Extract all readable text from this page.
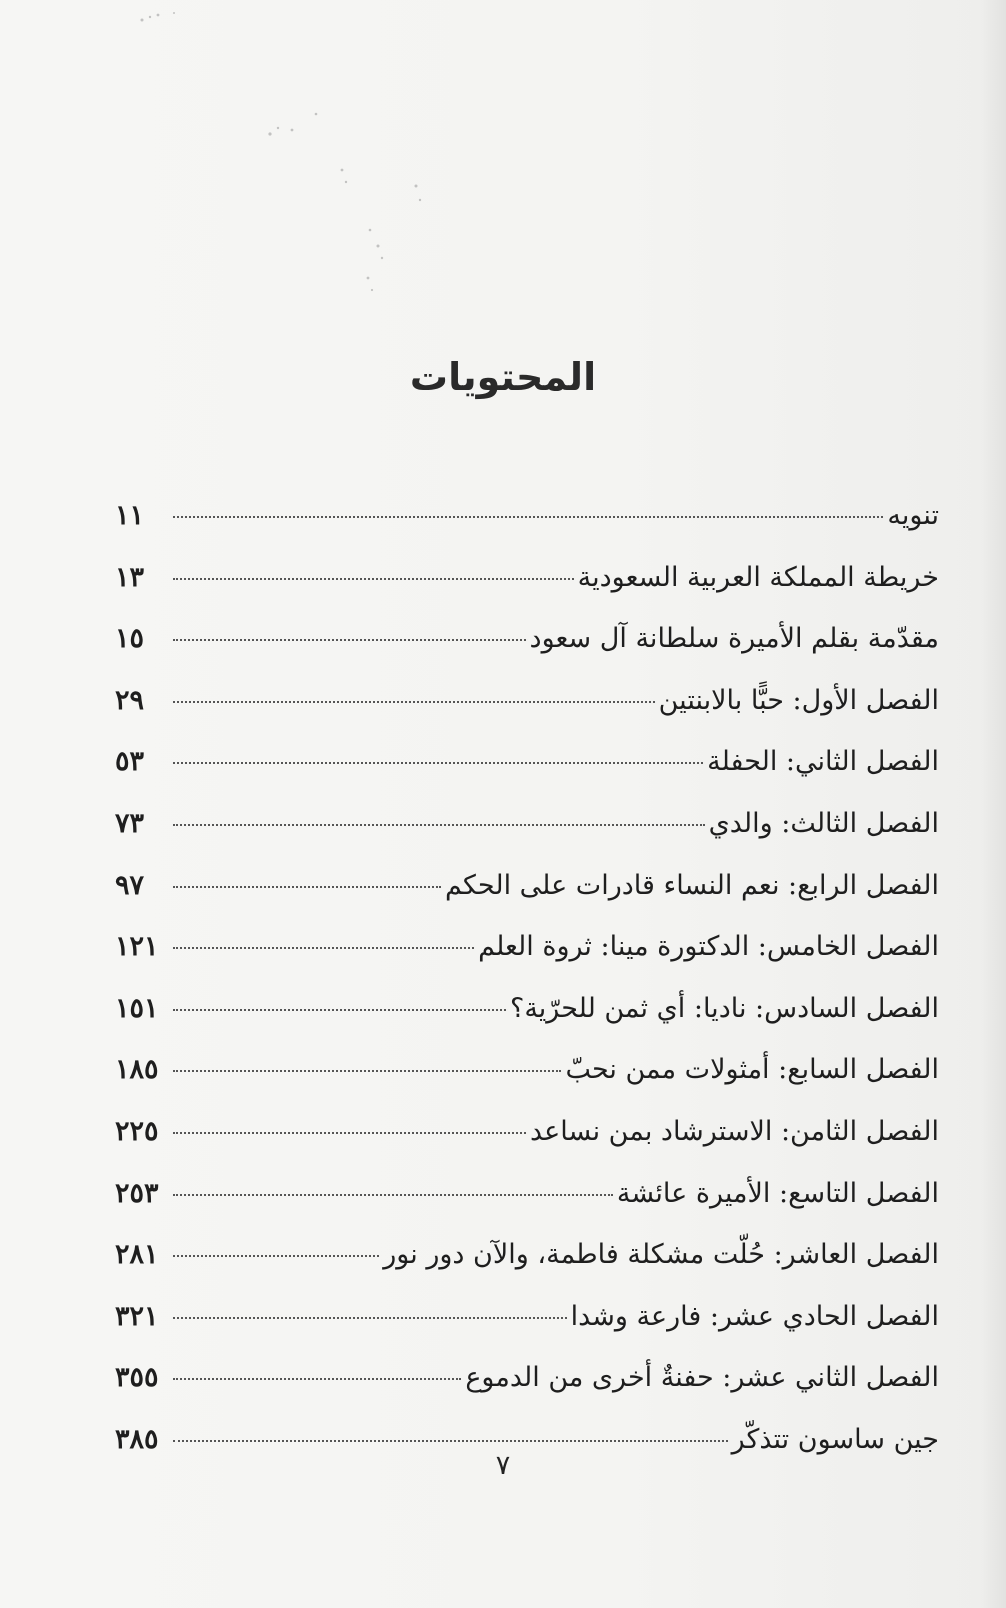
المحتويات
تنويه
١١
خريطة المملكة العربية السعودية
١٣
مقدّمة بقلم الأميرة سلطانة آل سعود
١٥
الفصل الأول: حبًّا بالابنتين
٢٩
الفصل الثاني: الحفلة
٥٣
الفصل الثالث: والدي
٧٣
الفصل الرابع: نعم النساء قادرات على الحكم
٩٧
الفصل الخامس: الدكتورة مينا: ثروة العلم
١٢١
الفصل السادس: ناديا: أي ثمن للحرّية؟
١٥١
الفصل السابع: أمثولات ممن نحبّ
١٨٥
الفصل الثامن: الاسترشاد بمن نساعد
٢٢٥
الفصل التاسع: الأميرة عائشة
٢٥٣
الفصل العاشر: حُلّت مشكلة فاطمة، والآن دور نور
٢٨١
الفصل الحادي عشر: فارعة وشدا
٣٢١
الفصل الثاني عشر: حفنةٌ أخرى من الدموع
٣٥٥
جين ساسون تتذكّر
٣٨٥
٧
